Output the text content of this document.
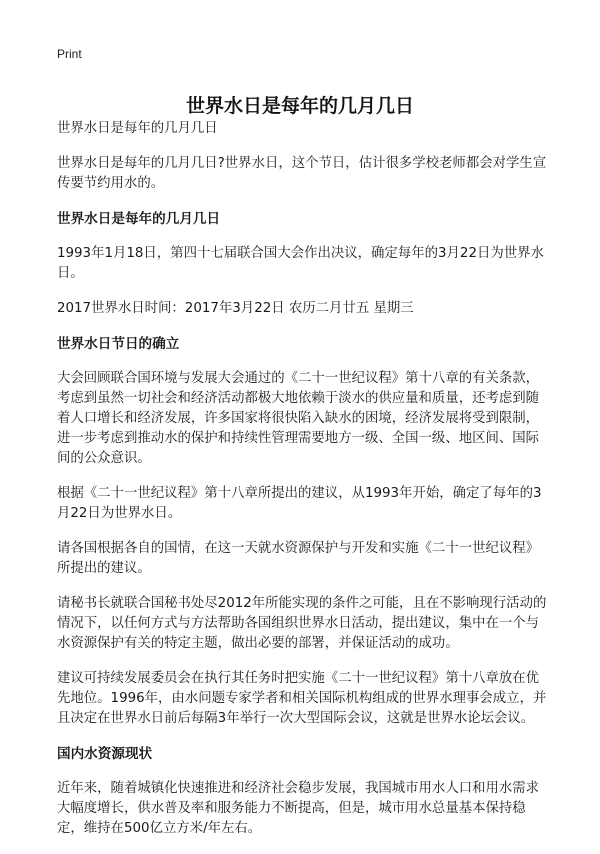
Print
世界水日是每年的几月几日

世界水日是每年的几月几日

世界水日是每年的几月几日?世界水日，这个节日，估计很多学校老师都会对学生宣传要节约用水的。

世界水日是每年的几月几日

1993年1月18日，第四十七届联合国大会作出决议，确定每年的3月22日为世界水日。

2017世界水日时间：2017年3月22日 农历二月廿五 星期三

世界水日节日的确立

大会回顾联合国环境与发展大会通过的《二十一世纪议程》第十八章的有关条款，考虑到虽然一切社会和经济活动都极大地依赖于淡水的供应量和质量，还考虑到随着人口增长和经济发展，许多国家将很快陷入缺水的困境，经济发展将受到限制，进一步考虑到推动水的保护和持续性管理需要地方一级、全国一级、地区间、国际间的公众意识。

根据《二十一世纪议程》第十八章所提出的建议，从1993年开始，确定了每年的3月22日为世界水日。

请各国根据各自的国情，在这一天就水资源保护与开发和实施《二十一世纪议程》所提出的建议。

请秘书长就联合国秘书处尽2012年所能实现的条件之可能，且在不影响现行活动的情况下，以任何方式与方法帮助各国组织世界水日活动，提出建议，集中在一个与水资源保护有关的特定主题，做出必要的部署，并保证活动的成功。

建议可持续发展委员会在执行其任务时把实施《二十一世纪议程》第十八章放在优先地位。1996年，由水问题专家学者和相关国际机构组成的世界水理事会成立，并且决定在世界水日前后每隔3年举行一次大型国际会议，这就是世界水论坛会议。

国内水资源现状

近年来，随着城镇化快速推进和经济社会稳步发展，我国城市用水人口和用水需求大幅度增长，供水普及率和服务能力不断提高，但是，城市用水总量基本保持稳定，维持在500亿立方米/年左右。
